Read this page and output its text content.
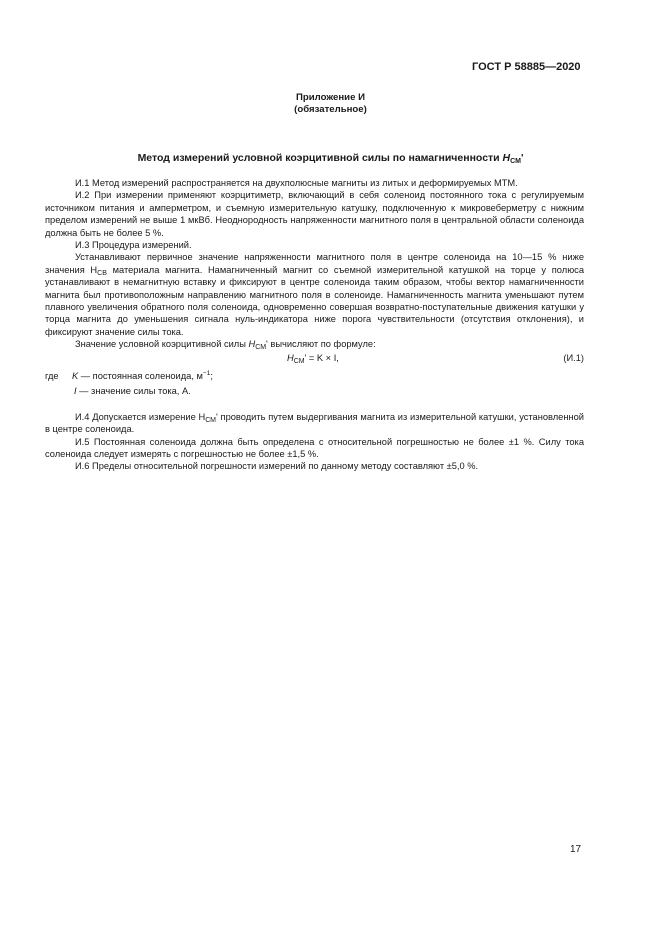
ГОСТ Р 58885—2020
Приложение И
(обязательное)
Метод измерений условной коэрцитивной силы по намагниченности $H_{СМ}'$

И.1 Метод измерений распространяется на двухполюсные магниты из литых и деформируемых МТМ.

И.2 При измерении применяют коэрцитиметр, включающий в себя соленоид постоянного тока с регулируемым источником питания и амперметром, и съемную измерительную катушку, подключенную к микровеберметру с нижним пределом измерений не выше 1 мкВб. Неоднородность напряженности магнитного поля в центральной области соленоида должна быть не более 5 %.

И.3 Процедура измерений.

Устанавливают первичное значение напряженности магнитного поля в центре соленоида на 10—15 % ниже значения $H_{СВ}$ материала магнита. Намагниченный магнит со съемной измерительной катушкой на торце у полюса устанавливают в немагнитную вставку и фиксируют в центре соленоида таким образом, чтобы вектор намагниченности магнита был противоположным направлению магнитного поля в соленоиде. Намагниченность магнита уменьшают путем плавного увеличения обратного поля соленоида, одновременно совершая возвратно-поступательные движения катушки у торца магнита до уменьшения сигнала нуль-индикатора ниже порога чувствительности (отсутствия отклонения), и фиксируют значение силы тока.

Значение условной коэрцитивной силы $H_{СМ}'$ вычисляют по формуле:

$H_{СМ}' = K \times I$,	(И.1)
где K — постоянная соленоида, $м^{-1}$;
I — значение силы тока, А.

И.4 Допускается измерение $H_{СМ}'$ проводить путем выдергивания магнита из измерительной катушки, установленной в центре соленоида.

И.5 Постоянная соленоида должна быть определена с относительной погрешностью не более ±1 %. Силу тока соленоида следует измерять с погрешностью не более ±1,5 %.

И.6 Пределы относительной погрешности измерений по данному методу составляют ±5,0 %.

17
